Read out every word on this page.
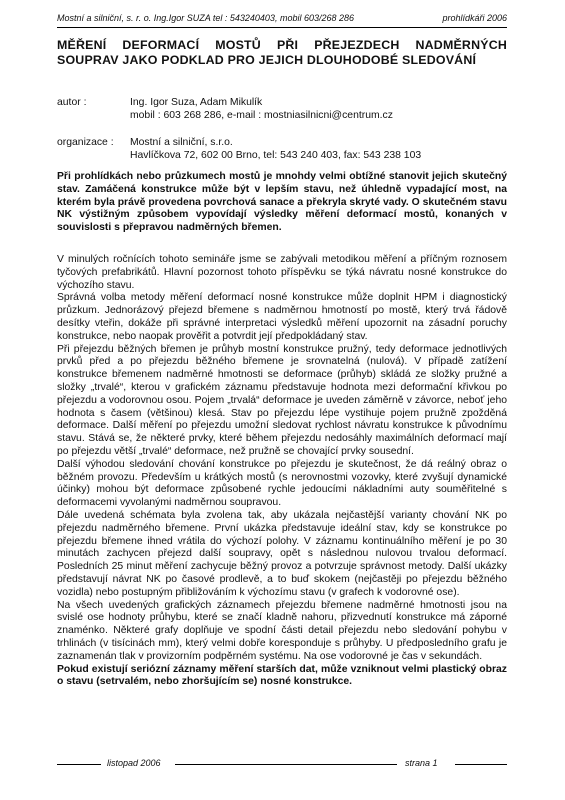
Mostní a silniční, s. r. o. Ing.Igor SUZA tel : 543240403, mobil 603/268 286	prohlídkáři 2006
MĚŘENÍ DEFORMACÍ MOSTŮ PŘI PŘEJEZDECH NADMĚRNÝCH SOUPRAV JAKO PODKLAD PRO JEJICH DLOUHODOBÉ SLEDOVÁNÍ
autor :	Ing. Igor Suza, Adam Mikulík
mobil : 603 268 286, e-mail : mostniasilnicni@centrum.cz
organizace : Mostní a silniční, s.r.o.
Havlíčkova 72, 602 00 Brno, tel: 543 240 403, fax: 543 238 103
Při prohlídkách nebo průzkumech mostů je mnohdy velmi obtížné stanovit jejich skutečný stav. Zamáčená konstrukce může být v lepším stavu, než úhledně vypadající most, na kterém byla právě provedena povrchová sanace a překryla skryté vady. O skutečném stavu NK výstižným způsobem vypovídají výsledky měření deformací mostů, konaných v souvislosti s přepravou nadměrných břemen.

V minulých ročnících tohoto semináře jsme se zabývali metodikou měření a příčným roznosem tyčových prefabrikátů. Hlavní pozornost tohoto příspěvku se týká návratu nosné konstrukce do výchozího stavu.

Správná volba metody měření deformací nosné konstrukce může doplnit HPM i diagnostický průzkum. Jednorázový přejezd břemene s nadměrnou hmotností po mostě, který trvá řádově desítky vteřin, dokáže při správné interpretaci výsledků měření upozornit na zásadní poruchy konstrukce, nebo naopak prověřit a potvrdit její předpokládaný stav.

Při přejezdu běžných břemen je průhyb mostní konstrukce pružný, tedy deformace jednotlivých prvků před a po přejezdu běžného břemene je srovnatelná (nulová). V případě zatížení konstrukce břemenem nadměrné hmotnosti se deformace (průhyb) skládá ze složky pružné a složky „trvalé“, kterou v grafickém záznamu představuje hodnota mezi deformační křivkou po přejezdu a vodorovnou osou. Pojem „trvalá“ deformace je uveden záměrně v závorce, neboť jeho hodnota s časem (většinou) klesá. Stav po přejezdu lépe vystihuje pojem pružně zpožděná deformace. Další měření po přejezdu umožní sledovat rychlost návratu konstrukce k původnímu stavu. Stává se, že některé prvky, které během přejezdu nedosáhly maximálních deformací mají po přejezdu větší „trvalé“ deformace, než pružně se chovající prvky sousední.

Další výhodou sledování chování konstrukce po přejezdu je skutečnost, že dá reálný obraz o běžném provozu. Především u krátkých mostů (s nerovnostmi vozovky, které zvyšují dynamické účinky) mohou být deformace způsobené rychle jedoucími nákladními auty souměřitelné s deformacemi vyvolanými nadměrnou soupravou.

Dále uvedená schémata byla zvolena tak, aby ukázala nejčastější varianty chování NK po přejezdu nadměrného břemene. První ukázka představuje ideální stav, kdy se konstrukce po přejezdu břemene ihned vrátila do výchozí polohy. V záznamu kontinuálního měření je po 30 minutách zachycen přejezd další soupravy, opět s následnou nulovou trvalou deformací. Posledních 25 minut měření zachycuje běžný provoz a potvrzuje správnost metody. Další ukázky představují návrat NK po časové prodlevě, a to buď skokem (nejčastěji po přejezdu běžného vozidla) nebo postupným přibližováním k výchozímu stavu (v grafech k vodorovné ose).

Na všech uvedených grafických záznamech přejezdu břemene nadměrné hmotnosti jsou na svislé ose hodnoty průhybu, které se značí kladně nahoru, přizvednutí konstrukce má záporné znaménko. Některé grafy doplňuje ve spodní části detail přejezdu nebo sledování pohybu v trhlinách (v tisícinách mm), který velmi dobře koresponduje s průhyby. U předposledního grafu je zaznamenán tlak v provizorním podpěrném systému. Na ose vodorovné je čas v sekundách.

Pokud existují seriózní záznamy měření starších dat, může vzniknout velmi plastický obraz o stavu (setrvalém, nebo zhoršujícím se) nosné konstrukce.

listopad 2006	strana 1
